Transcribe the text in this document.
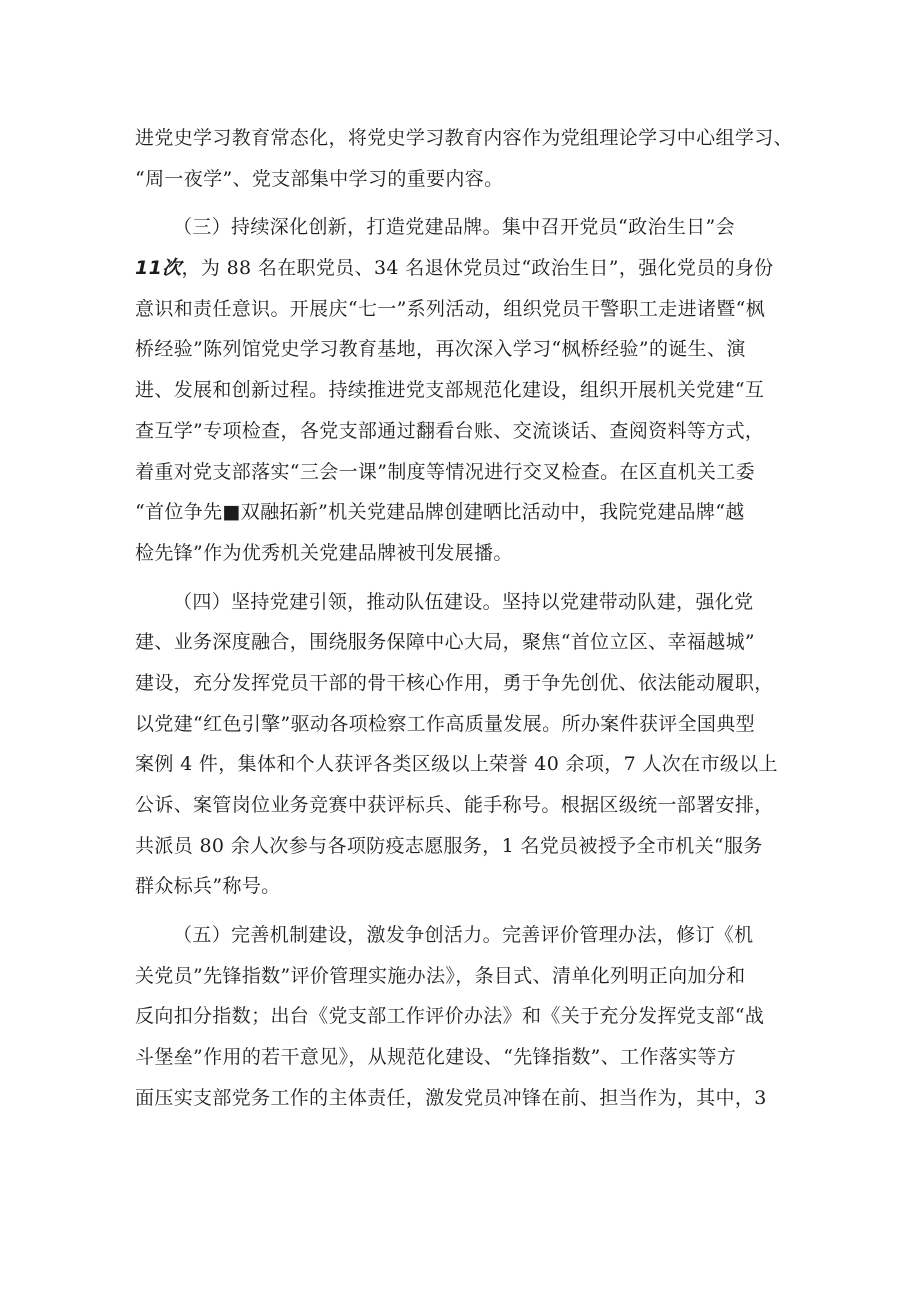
进党史学习教育常态化，将党史学习教育内容作为党组理论学习中心组学习、
“周一夜学”、党支部集中学习的重要内容。
（三）持续深化创新，打造党建品牌。集中召开党员“政治生日”会
11次，为 88 名在职党员、34 名退休党员过“政治生日”，强化党员的身份
意识和责任意识。开展庆“七一”系列活动，组织党员干警职工走进诸暨“枫
桥经验”陈列馆党史学习教育基地，再次深入学习“枫桥经验”的诞生、演
进、发展和创新过程。持续推进党支部规范化建设，组织开展机关党建“互
查互学”专项检查，各党支部通过翻看台账、交流谈话、查阅资料等方式，
着重对党支部落实“三会一课”制度等情况进行交叉检查。在区直机关工委
“首位争先■双融拓新”机关党建品牌创建晒比活动中，我院党建品牌“越
检先锋”作为优秀机关党建品牌被刊发展播。
（四）坚持党建引领，推动队伍建设。坚持以党建带动队建，强化党
建、业务深度融合，围绕服务保障中心大局，聚焦“首位立区、幸福越城”
建设，充分发挥党员干部的骨干核心作用，勇于争先创优、依法能动履职，
以党建“红色引擎”驱动各项检察工作高质量发展。所办案件获评全国典型
案例 4 件，集体和个人获评各类区级以上荣誉 40 余项，7 人次在市级以上
公诉、案管岗位业务竞赛中获评标兵、能手称号。根据区级统一部署安排，
共派员 80 余人次参与各项防疫志愿服务，1 名党员被授予全市机关“服务
群众标兵”称号。
（五）完善机制建设，激发争创活力。完善评价管理办法，修订《机
关党员”先锋指数”评价管理实施办法》，条目式、清单化列明正向加分和
反向扣分指数；出台《党支部工作评价办法》和《关于充分发挥党支部“战
斗堡垒”作用的若干意见》，从规范化建设、“先锋指数”、工作落实等方
面压实支部党务工作的主体责任，激发党员冲锋在前、担当作为，其中，3
